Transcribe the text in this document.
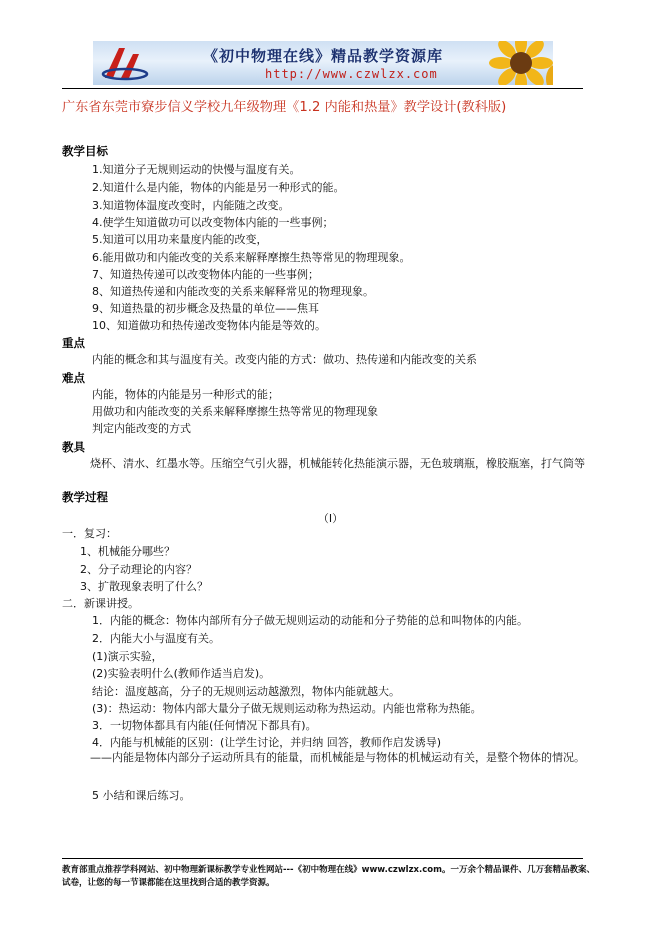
《初中物理在线》精品教学资源库
http://www.czwlzx.com
广东省东莞市寮步信义学校九年级物理《1.2 内能和热量》教学设计(教科版)
教学目标
1.知道分子无规则运动的快慢与温度有关。
2.知道什么是内能，物体的内能是另一种形式的能。
3.知道物体温度改变时，内能随之改变。
4.使学生知道做功可以改变物体内能的一些事例；
5.知道可以用功来量度内能的改变，
6.能用做功和内能改变的关系来解释摩擦生热等常见的物理现象。
7、知道热传递可以改变物体内能的一些事例；
8、知道热传递和内能改变的关系来解释常见的物理现象。
9、知道热量的初步概念及热量的单位——焦耳
10、知道做功和热传递改变物体内能是等效的。
重点
内能的概念和其与温度有关。改变内能的方式：做功、热传递和内能改变的关系
难点
内能，物体的内能是另一种形式的能；
用做功和内能改变的关系来解释摩擦生热等常见的物理现象
判定内能改变的方式
教具
烧杯、清水、红墨水等。压缩空气引火器，机械能转化热能演示器，无色玻璃瓶，橡胶瓶塞，打气筒等
教学过程
（I）
一．复习：
1、机械能分哪些？
2、分子动理论的内容？
3、扩散现象表明了什么？
二．新课讲授。
1．内能的概念：物体内部所有分子做无规则运动的动能和分子势能的总和叫物体的内能。
2．内能大小与温度有关。
(1)演示实验，
(2)实验表明什么(教师作适当启发)。
结论：温度越高，分子的无规则运动越激烈，物体内能就越大。
(3)：热运动：物体内部大量分子做无规则运动称为热运动。内能也常称为热能。
3．一切物体都具有内能(任何情况下都具有)。
4．内能与机械能的区别：(让学生讨论，并归纳 回答，教师作启发诱导)
——内能是物体内部分子运动所具有的能量，而机械能是与物体的机械运动有关，是整个物体的情况。
5 小结和课后练习。
教育部重点推荐学科网站、初中物理新课标教学专业性网站---《初中物理在线》www.czwlzx.com。一万余个精品课件、几万套精品教案、试卷，让您的每一节课都能在这里找到合适的教学资源。
